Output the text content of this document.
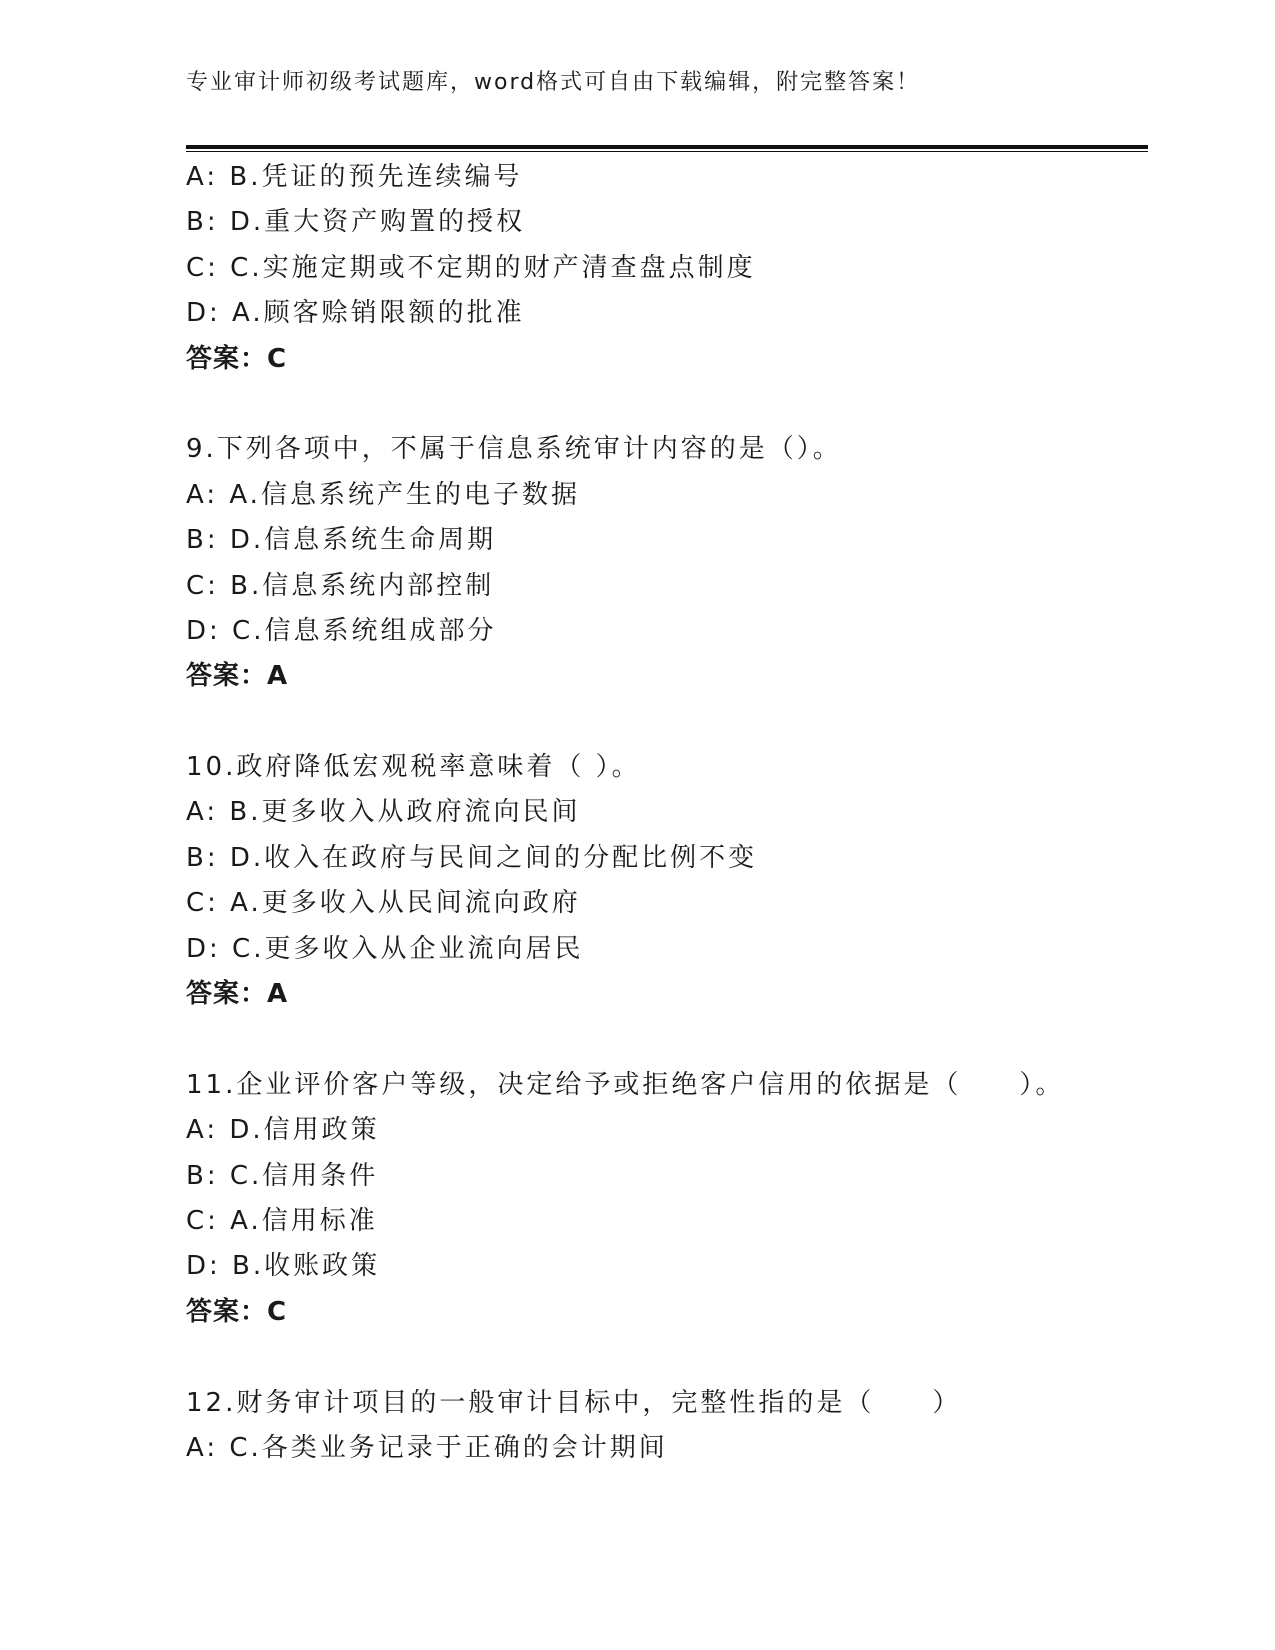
专业审计师初级考试题库，word格式可自由下载编辑，附完整答案！
A: B.凭证的预先连续编号
B: D.重大资产购置的授权
C: C.实施定期或不定期的财产清查盘点制度
D: A.顾客赊销限额的批准
答案：C
9.下列各项中，不属于信息系统审计内容的是（）。
A: A.信息系统产生的电子数据
B: D.信息系统生命周期
C: B.信息系统内部控制
D: C.信息系统组成部分
答案：A
10.政府降低宏观税率意味着（ ）。
A: B.更多收入从政府流向民间
B: D.收入在政府与民间之间的分配比例不变
C: A.更多收入从民间流向政府
D: C.更多收入从企业流向居民
答案：A
11.企业评价客户等级，决定给予或拒绝客户信用的依据是（　　）。
A: D.信用政策
B: C.信用条件
C: A.信用标准
D: B.收账政策
答案：C
12.财务审计项目的一般审计目标中，完整性指的是（　　）
A: C.各类业务记录于正确的会计期间
